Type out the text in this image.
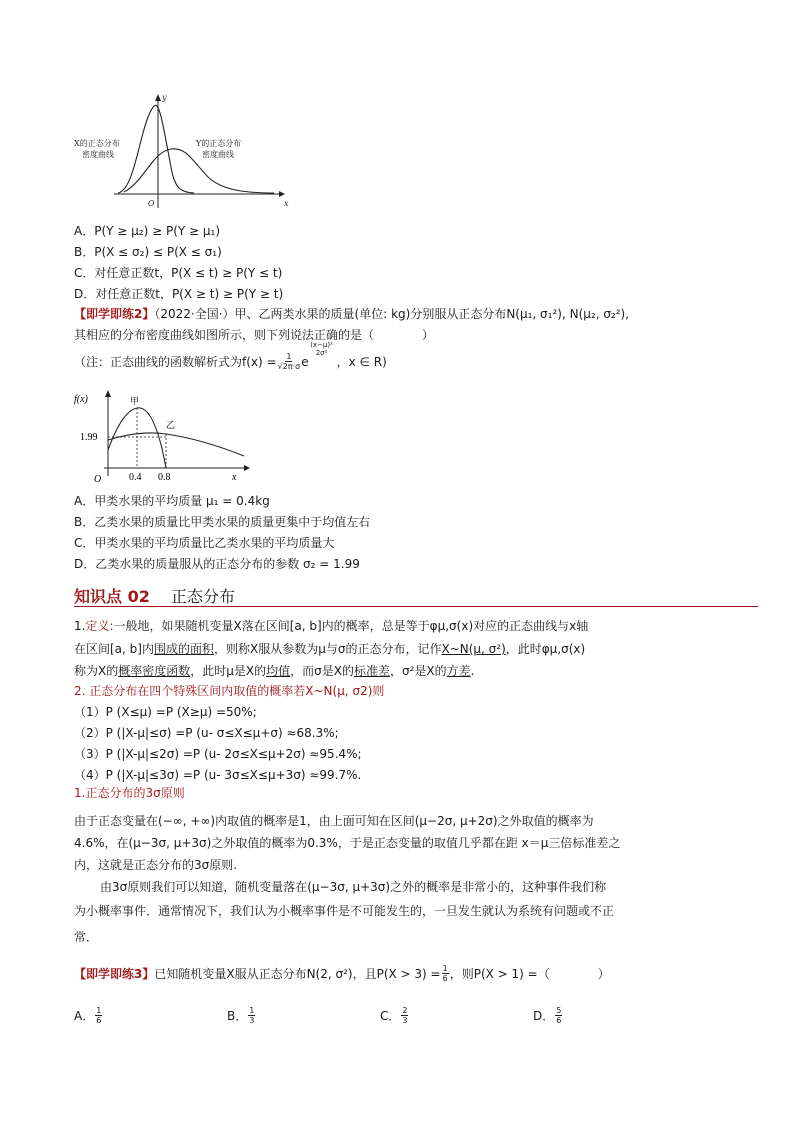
X的正态分布
密度曲线
Y的正态分布
密度曲线
y
x
O
A．P(Y ≥ μ₂) ≥ P(Y ≥ μ₁)
B．P(X ≤ σ₂) ≤ P(X ≤ σ₁)
C．对任意正数t，P(X ≤ t) ≥ P(Y ≤ t)
D．对任意正数t，P(X ≥ t) ≥ P(Y ≥ t)
【即学即练2】（2022·全国·）甲、乙两类水果的质量(单位: kg)分别服从正态分布N(μ₁, σ₁²), N(μ₂, σ₂²),
其相应的分布密度曲线如图所示，则下列说法正确的是（　　　　）
（注：正态曲线的函数解析式为$f(x) = \frac{1}{√2\pi\cdot\sigma}$ e
(x−μ)²
2σ²
，x ∈ R)
f(x)	甲
乙
1.99
0.4 0.8
O	x
A．甲类水果的平均质量 μ₁ = 0.4kg
B．乙类水果的质量比甲类水果的质量更集中于均值左右
C．甲类水果的平均质量比乙类水果的平均质量大
D．乙类水果的质量服从的正态分布的参数 σ₂ = 1.99
知识点 02 正态分布
1.定义:一般地，如果随机变量X落在区间[a, b]内的概率，总是等于φμ,σ(x)对应的正态曲线与x轴
在区间[a, b]内围成的面积，则称X服从参数为μ与σ的正态分布，记作X~N(μ, σ²)，此时φμ,σ(x)
称为X的概率密度函数，此时μ是X的均值，而σ是X的标准差，σ²是X的方差.
2. 正态分布在四个特殊区间内取值的概率若X~N(μ, σ2)则
（1）P (X≤μ) =P (X≥μ) =50%;
（2）P (|X-μ|≤σ) =P (u- σ≤X≤μ+σ) ≈68.3%;
（3）P (|X-μ|≤2σ) =P (u- 2σ≤X≤μ+2σ) ≈95.4%;
（4）P (|X-μ|≤3σ) =P (u- 3σ≤X≤μ+3σ) ≈99.7%.
1.正态分布的3σ原则
由于正态变量在(−∞, +∞)内取值的概率是1，由上面可知在区间(μ−2σ, μ+2σ)之外取值的概率为
4.6%，在(μ−3σ, μ+3σ)之外取值的概率为0.3%，于是正态变量的取值几乎都在距 x＝μ三倍标准差之
内，这就是正态分布的3σ原则.
由3σ原则我们可以知道，随机变量落在(μ−3σ, μ+3σ)之外的概率是非常小的，这种事件我们称
为小概率事件．通常情况下，我们认为小概率事件是不可能发生的，一旦发生就认为系统有问题或不正
常．
【即学即练3】 已知随机变量X服从正态分布N(2, σ²)，且$P(X > 3) = \frac{1}{6}$ ，则P(X > 1) =（　　　　）
A． $\frac{1}{6}$	B． $\frac{1}{3}$	C． $\frac{2}{3}$	D． $\frac{5}{6}$
